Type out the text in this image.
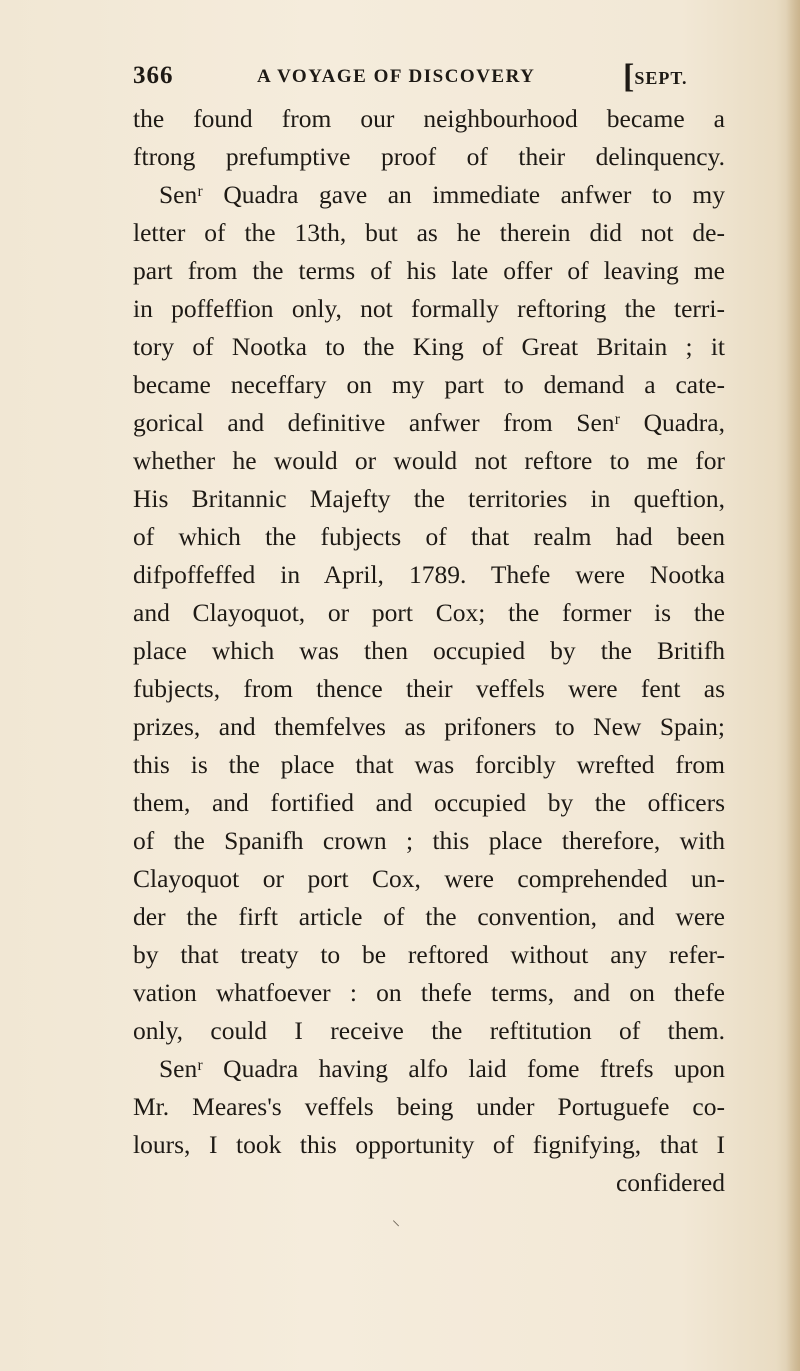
366	A VOYAGE OF DISCOVERY	[SEPT.
the found from our neighbourhood became a
ftrong prefumptive proof of their delinquency.
Senʳ Quadra gave an immediate anfwer to my
letter of the 13th, but as he therein did not de-
part from the terms of his late offer of leaving me
in poffeffion only, not formally reftoring the terri-
tory of Nootka to the King of Great Britain ; it
became neceffary on my part to demand a cate-
gorical and definitive anfwer from Senʳ Quadra,
whether he would or would not reftore to me for
His Britannic Majefty the territories in queftion,
of which the fubjects of that realm had been
difpoffeffed in April, 1789. Thefe were Nootka
and Clayoquot, or port Cox; the former is the
place which was then occupied by the Britifh
fubjects, from thence their veffels were fent as
prizes, and themfelves as prifoners to New Spain;
this is the place that was forcibly wrefted from
them, and fortified and occupied by the officers
of the Spanifh crown ; this place therefore, with
Clayoquot or port Cox, were comprehended un-
der the firft article of the convention, and were
by that treaty to be reftored without any refer-
vation whatfoever : on thefe terms, and on thefe
only, could I receive the reftitution of them.
Senʳ Quadra having alfo laid fome ftrefs upon
Mr. Meares's veffels being under Portuguefe co-
lours, I took this opportunity of fignifying, that I
confidered
⸜
